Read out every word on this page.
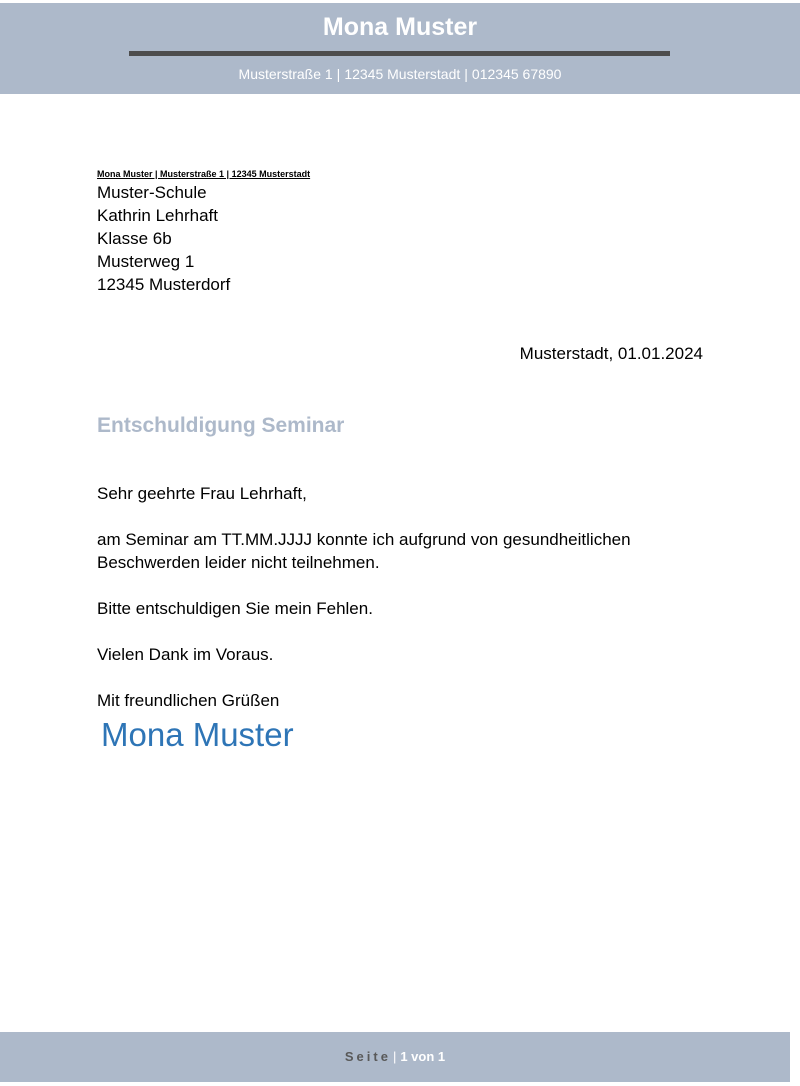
Mona Muster
Musterstraße 1 | 12345 Musterstadt | 012345 67890
Mona Muster | Musterstraße 1 | 12345 Musterstadt
Muster-Schule
Kathrin Lehrhaft
Klasse 6b
Musterweg 1
12345 Musterdorf
Musterstadt, 01.01.2024
Entschuldigung Seminar
Sehr geehrte Frau Lehrhaft,
am Seminar am TT.MM.JJJJ konnte ich aufgrund von gesundheitlichen
Beschwerden leider nicht teilnehmen.
Bitte entschuldigen Sie mein Fehlen.
Vielen Dank im Voraus.
Mit freundlichen Grüßen
Mona Muster
Seite | 1 von 1
